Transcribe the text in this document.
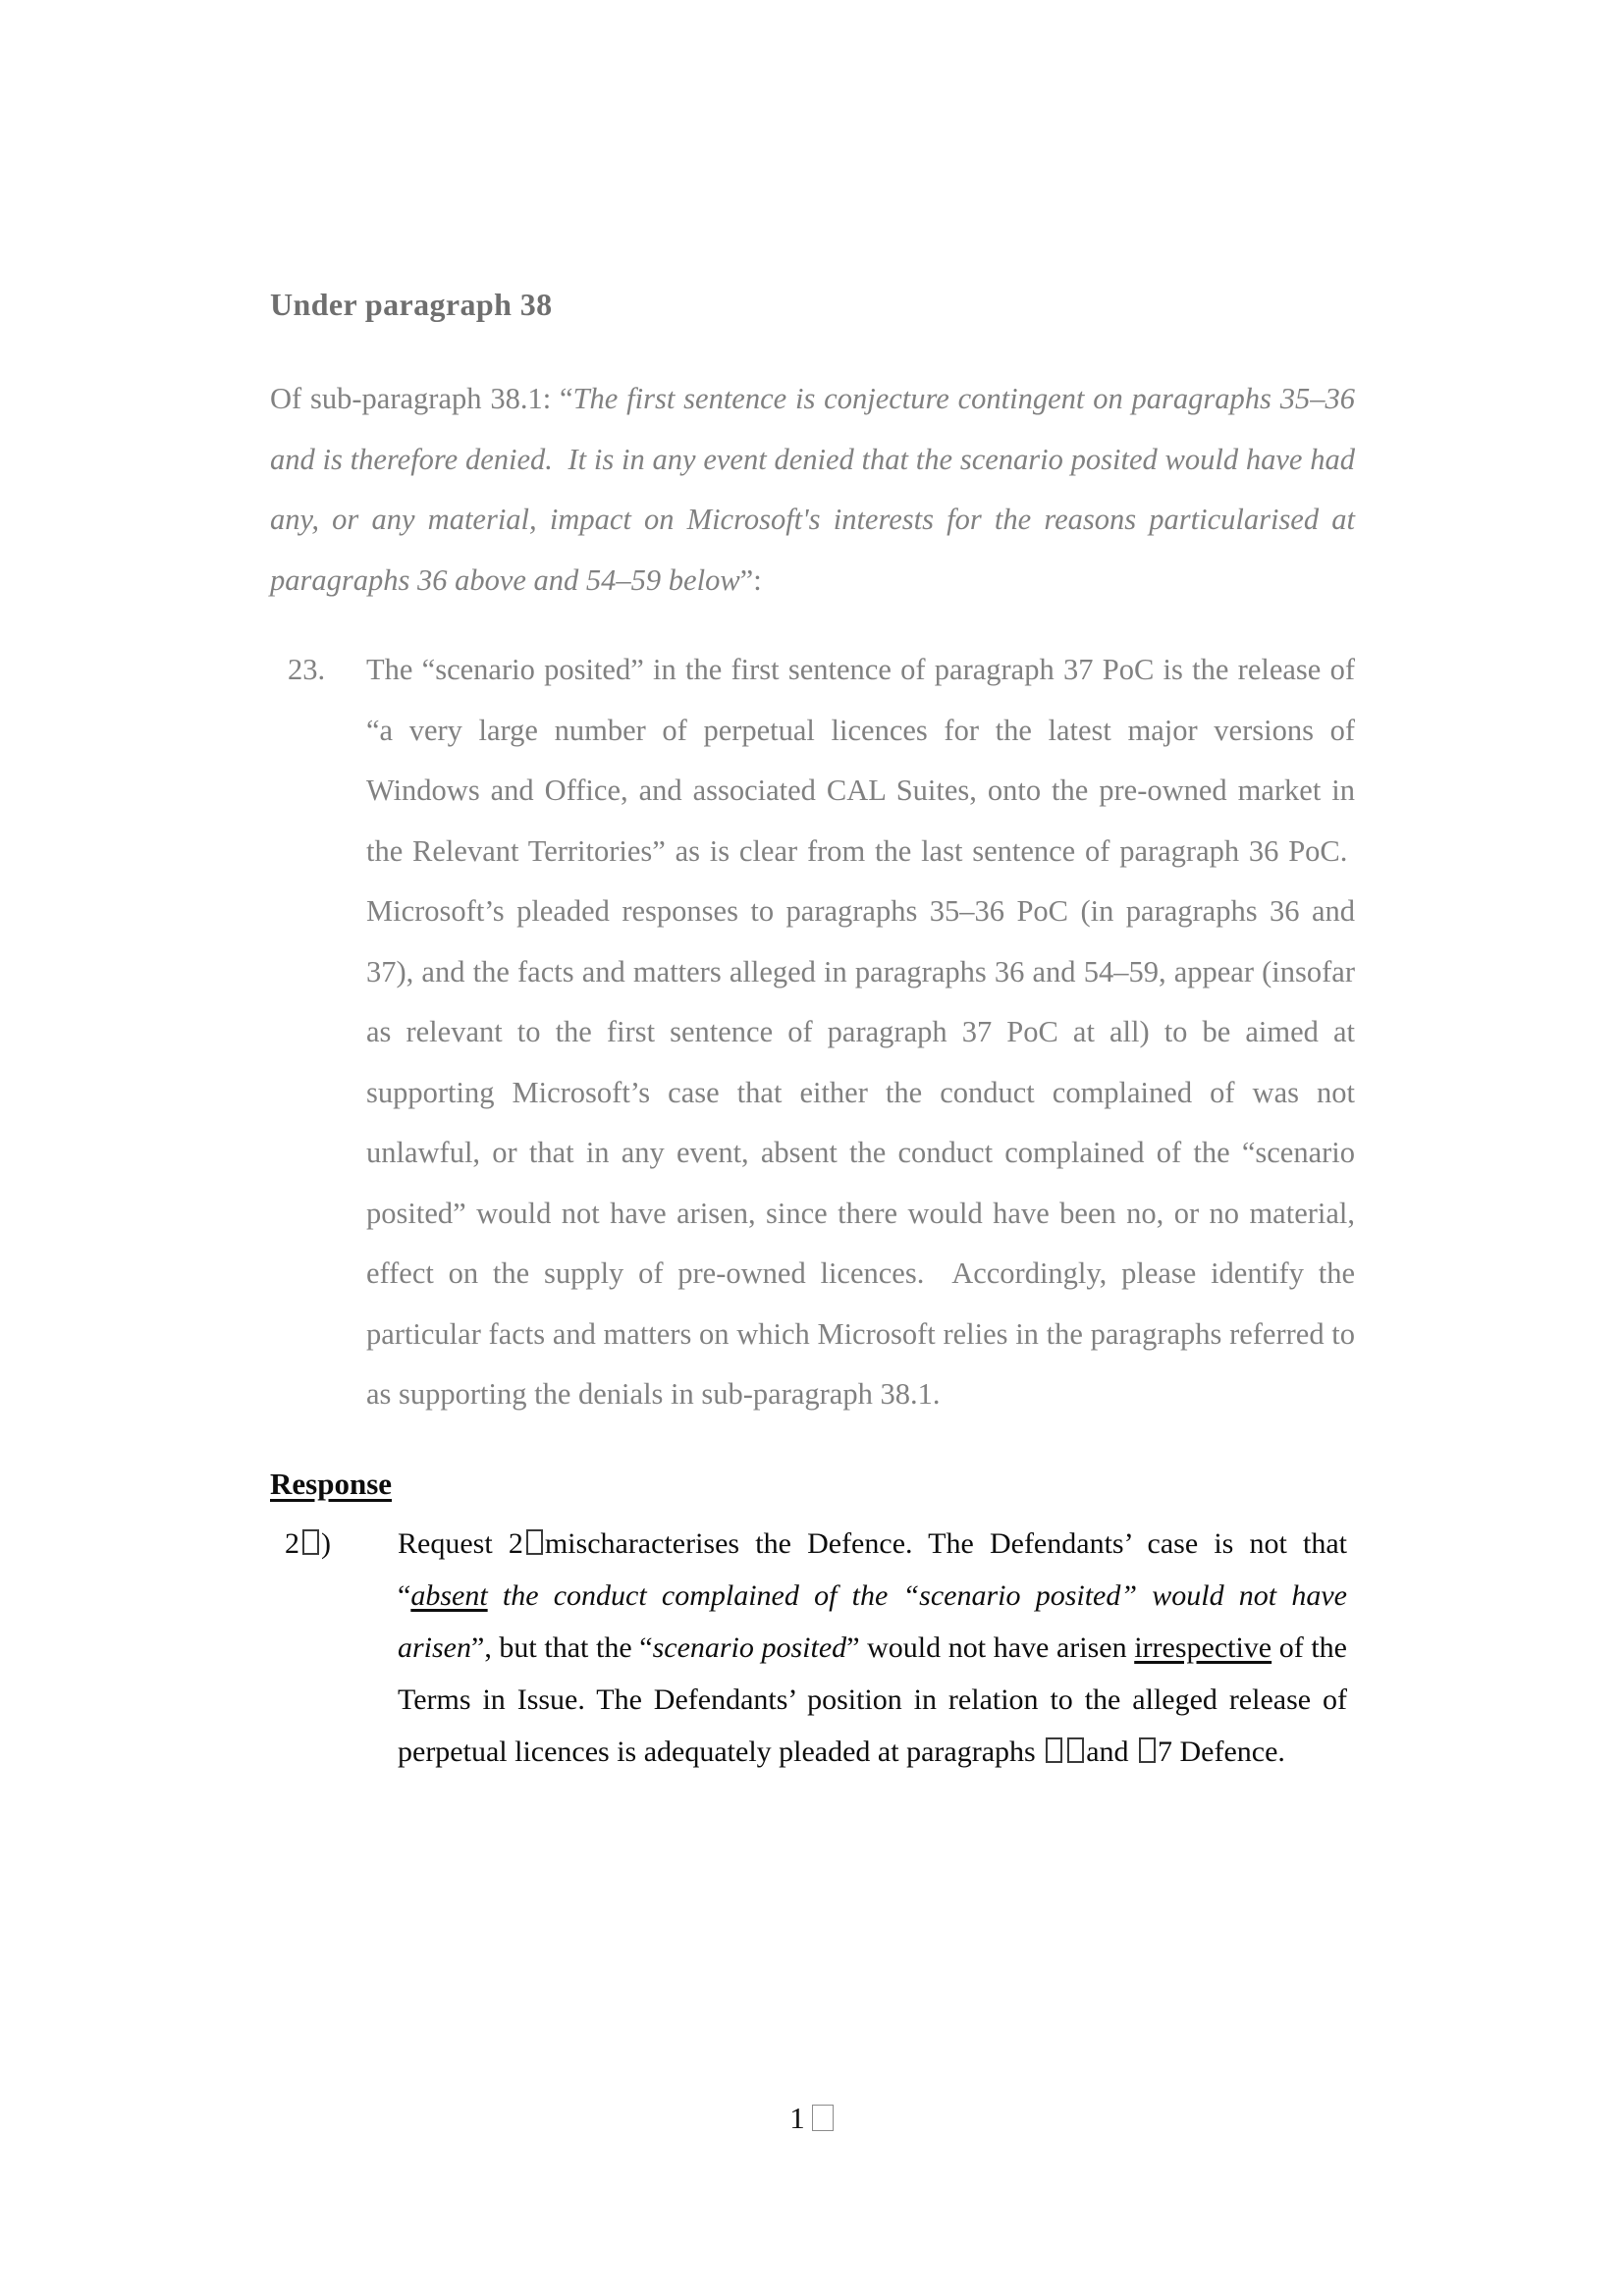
Under paragraph 38

Of sub-paragraph 38.1: “The first sentence is conjecture contingent on paragraphs 35–36 and is therefore denied.  It is in any event denied that the scenario posited would have had any, or any material, impact on Microsoft's interests for the reasons particularised at paragraphs 36 above and 54–59 below”:

23. The “scenario posited” in the first sentence of paragraph 37 PoC is the release of “a very large number of perpetual licences for the latest major versions of Windows and Office, and associated CAL Suites, onto the pre-owned market in the Relevant Territories” as is clear from the last sentence of paragraph 36 PoC.  Microsoft’s pleaded responses to paragraphs 35–36 PoC (in paragraphs 36 and 37), and the facts and matters alleged in paragraphs 36 and 54–59, appear (insofar as relevant to the first sentence of paragraph 37 PoC at all) to be aimed at supporting Microsoft’s case that either the conduct complained of was not unlawful, or that in any event, absent the conduct complained of the “scenario posited” would not have arisen, since there would have been no, or no material, effect on the supply of pre-owned licences.  Accordingly, please identify the particular facts and matters on which Microsoft relies in the paragraphs referred to as supporting the denials in sub-paragraph 38.1.
Response
2 ) Request 2 mischaracterises the Defence. The Defendants’ case is not that “absent the conduct complained of the “scenario posited” would not have arisen”, but that the “scenario posited” would not have arisen irrespective of the Terms in Issue. The Defendants’ position in relation to the alleged release of perpetual licences is adequately pleaded at paragraphs and 7 Defence.
1
